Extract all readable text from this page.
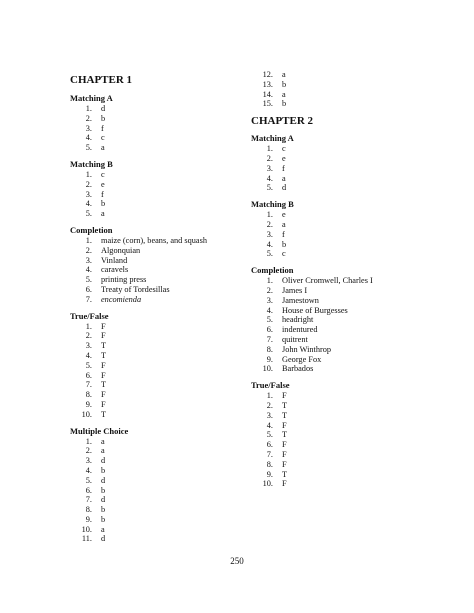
CHAPTER 1
Matching A
1.	d
2.	b
3.	f
4.	c
5.	a
Matching B
1.	c
2.	e
3.	f
4.	b
5.	a
Completion
1.	maize (corn), beans, and squash
2.	Algonquian
3.	Vinland
4.	caravels
5.	printing press
6.	Treaty of Tordesillas
7.	encomienda
True/False
1.	F
2.	F
3.	T
4.	T
5.	F
6.	F
7.	T
8.	F
9.	F
10.	T
Multiple Choice
1.	a
2.	a
3.	d
4.	b
5.	d
6.	b
7.	d
8.	b
9.	b
10.	a
11.	d
12.	a
13.	b
14.	a
15.	b
CHAPTER 2
Matching A
1.	c
2.	e
3.	f
4.	a
5.	d
Matching B
1.	e
2.	a
3.	f
4.	b
5.	c
Completion
1.	Oliver Cromwell, Charles I
2.	James I
3.	Jamestown
4.	House of Burgesses
5.	headright
6.	indentured
7.	quitrent
8.	John Winthrop
9.	George Fox
10.	Barbados
True/False
1.	F
2.	T
3.	T
4.	F
5.	T
6.	F
7.	F
8.	F
9.	T
10.	F
250
